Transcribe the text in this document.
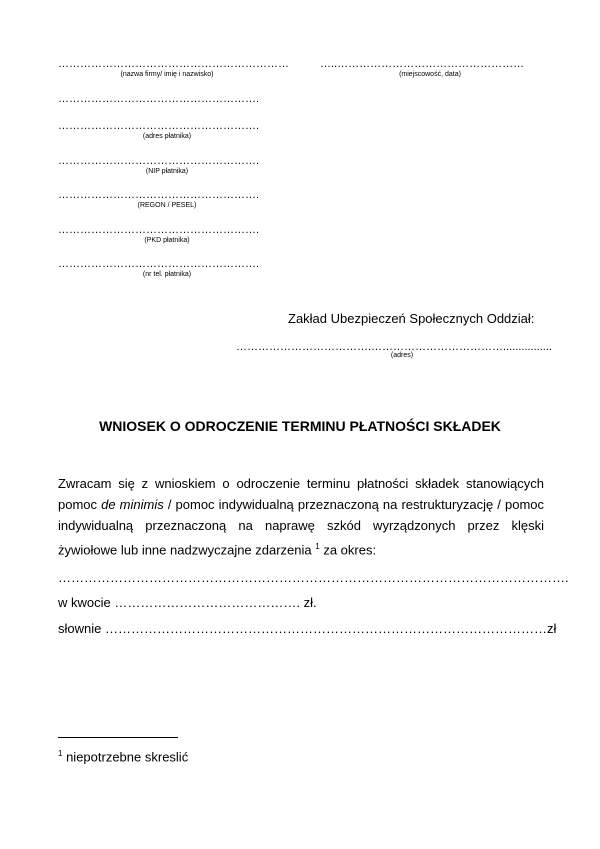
………………………………………………………
(nazwa firmy/ imię i nazwisko)
……………………………………………….
……………………………………………….
(adres płatnika)
……………………………………………….
(NIP płatnika)
……………………………………………….
(REGON / PESEL)
……………………………………………….
(PKD płatnika)
……………………………………………….
(nr tel. płatnika)
…..……………………………………………
(miejscowość, data)
Zakład Ubezpieczeń Społecznych Oddział:
……………………………….………………………………................
(adres)
WNIOSEK O ODROCZENIE TERMINU PŁATNOŚCI SKŁADEK
Zwracam się z wnioskiem o odroczenie terminu płatności składek stanowiących pomoc de minimis / pomoc indywidualną przeznaczoną na restrukturyzację / pomoc indywidualną przeznaczoną na naprawę szkód wyrządzonych przez klęski żywiołowe lub inne nadzwyczajne zdarzenia $^1$ za okres:
……………………………………………………………………………………………………….
w kwocie ……………………………………. zł.
słownie …………………………………………………………………………………………zł
$^1$ niepotrzebne skreslić
